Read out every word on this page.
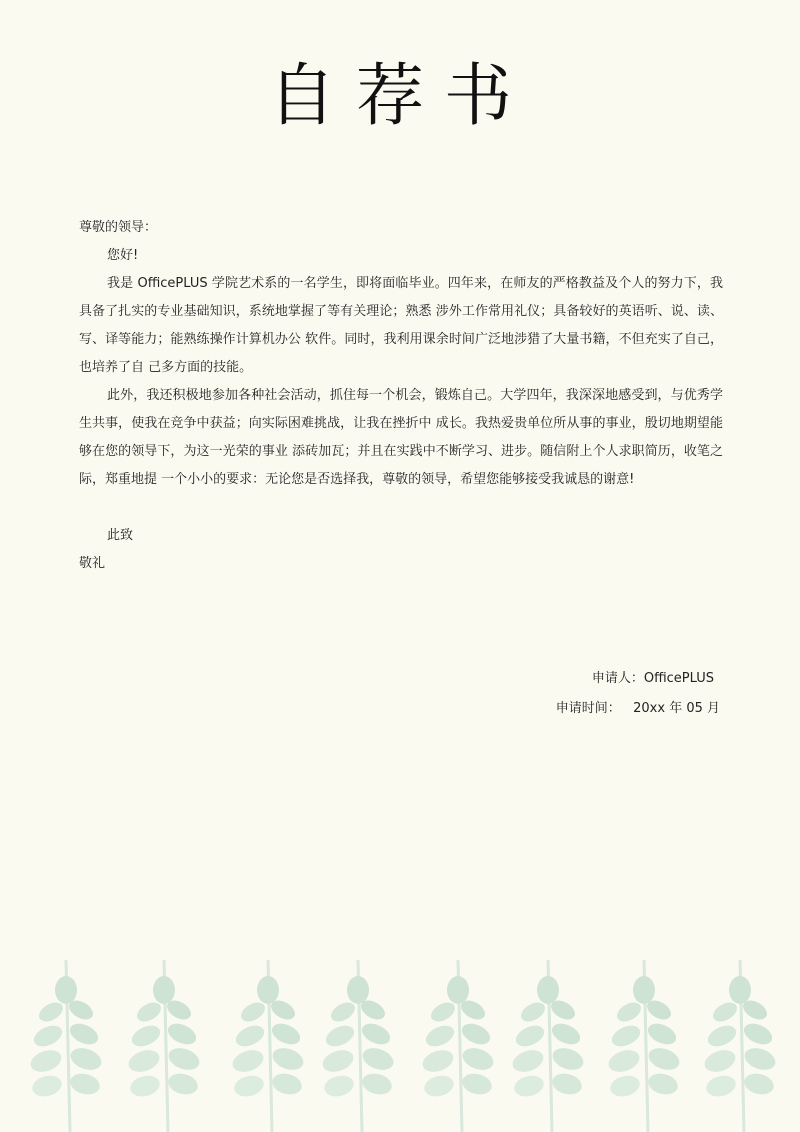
自荐书

尊敬的领导：

您好!

我是 OfficePLUS 学院艺术系的一名学生，即将面临毕业。四年来，在师友的严格教益及个人的努力下，我具备了扎实的专业基础知识，系统地掌握了等有关理论；熟悉 涉外工作常用礼仪；具备较好的英语听、说、读、写、译等能力；能熟练操作计算机办公 软件。同时，我利用课余时间广泛地涉猎了大量书籍，不但充实了自己，也培养了自 己多方面的技能。

此外，我还积极地参加各种社会活动，抓住每一个机会，锻炼自己。大学四年，我深深地感受到，与优秀学生共事，使我在竞争中获益；向实际困难挑战，让我在挫折中 成长。我热爱贵单位所从事的事业，殷切地期望能够在您的领导下，为这一光荣的事业 添砖加瓦；并且在实践中不断学习、进步。随信附上个人求职简历，收笔之际，郑重地提 一个小小的要求：无论您是否选择我，尊敬的领导，希望您能够接受我诚恳的谢意!

此致

敬礼

申请人：OfficePLUS
申请时间：   20xx 年 05 月
